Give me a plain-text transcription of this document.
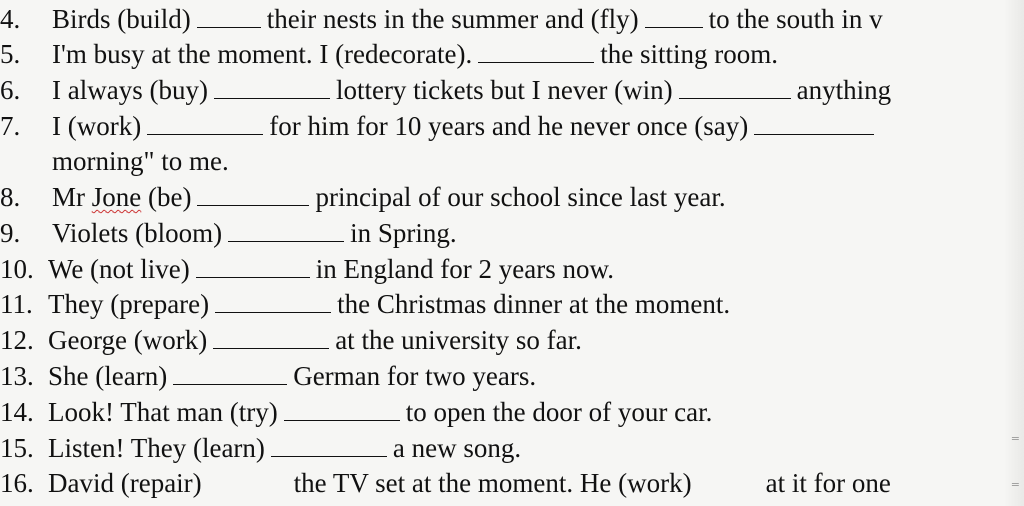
4. Birds (build)	their nests in the summer and (fly)	to the south in v
5. I'm busy at the moment. I (redecorate).	the sitting room.
6. I always (buy)	lottery tickets but I never (win)	anything
7. I (work)	for him for 10 years and he never once (say)
morning" to me.
8. Mr Jone (be)	principal of our school since last year.
9. Violets (bloom)	in Spring.
10. We (not live)	in England for 2 years now.
11. They (prepare)	the Christmas dinner at the moment.
12. George (work)	at the university so far.
13. She (learn)	German for two years.
14. Look! That man (try)	to open the door of your car.
15. Listen! They (learn)	a new song.
16. David (repair)	the TV set at the moment. He (work)	at it for one
=
=
